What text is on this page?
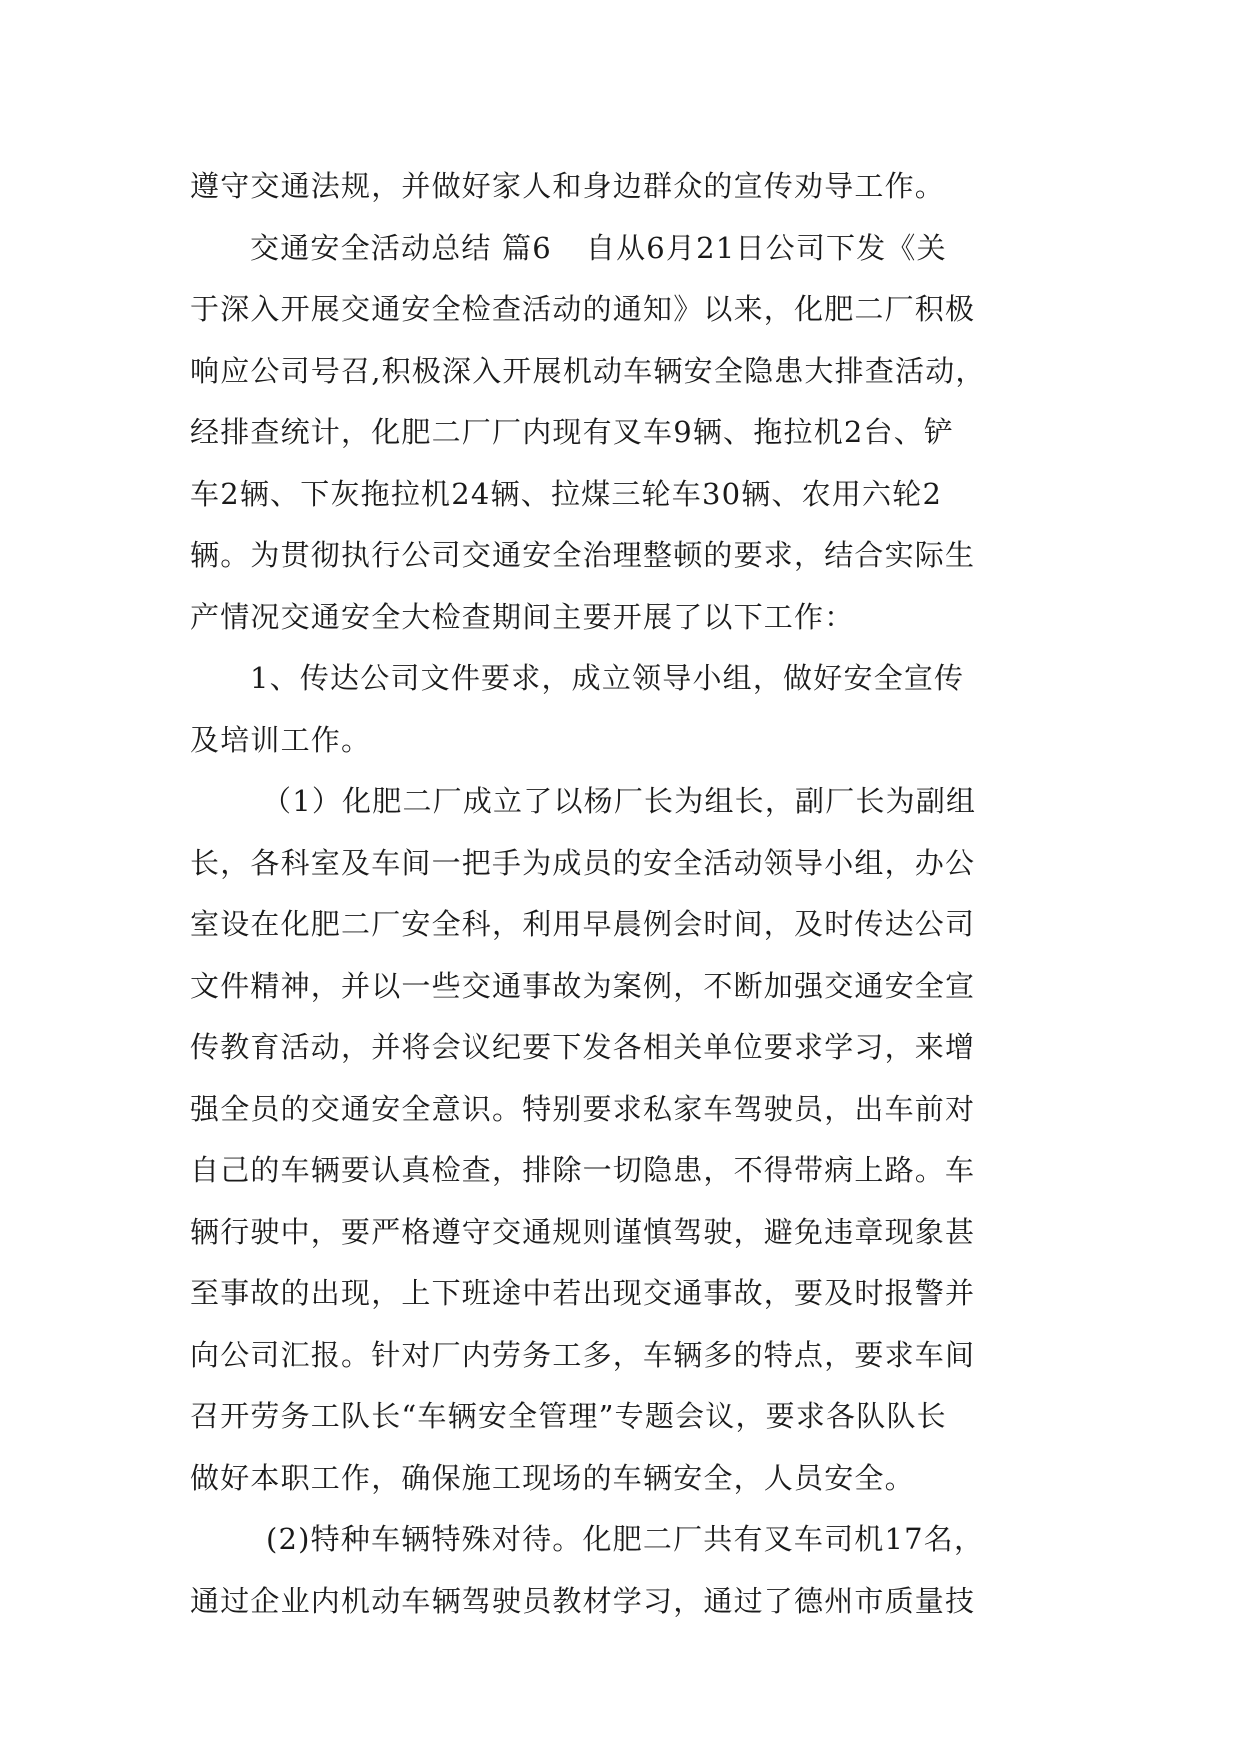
遵守交通法规，并做好家人和身边群众的宣传劝导工作。
交通安全活动总结 篇6 自从6月21日公司下发《关
于深入开展交通安全检查活动的通知》以来，化肥二厂积极
响应公司号召,积极深入开展机动车辆安全隐患大排查活动，
经排查统计，化肥二厂厂内现有叉车9辆、拖拉机2台、铲
车2辆、下灰拖拉机24辆、拉煤三轮车30辆、农用六轮2
辆。为贯彻执行公司交通安全治理整顿的要求，结合实际生
产情况交通安全大检查期间主要开展了以下工作：
1、传达公司文件要求，成立领导小组，做好安全宣传
及培训工作。
（1）化肥二厂成立了以杨厂长为组长，副厂长为副组
长，各科室及车间一把手为成员的安全活动领导小组，办公
室设在化肥二厂安全科，利用早晨例会时间，及时传达公司
文件精神，并以一些交通事故为案例，不断加强交通安全宣
传教育活动，并将会议纪要下发各相关单位要求学习，来增
强全员的交通安全意识。特别要求私家车驾驶员，出车前对
自己的车辆要认真检查，排除一切隐患，不得带病上路。车
辆行驶中，要严格遵守交通规则谨慎驾驶，避免违章现象甚
至事故的出现，上下班途中若出现交通事故，要及时报警并
向公司汇报。针对厂内劳务工多，车辆多的特点，要求车间
召开劳务工队长“车辆安全管理”专题会议，要求各队队长
做好本职工作，确保施工现场的车辆安全，人员安全。
(2)特种车辆特殊对待。化肥二厂共有叉车司机17名，
通过企业内机动车辆驾驶员教材学习，通过了德州市质量技
